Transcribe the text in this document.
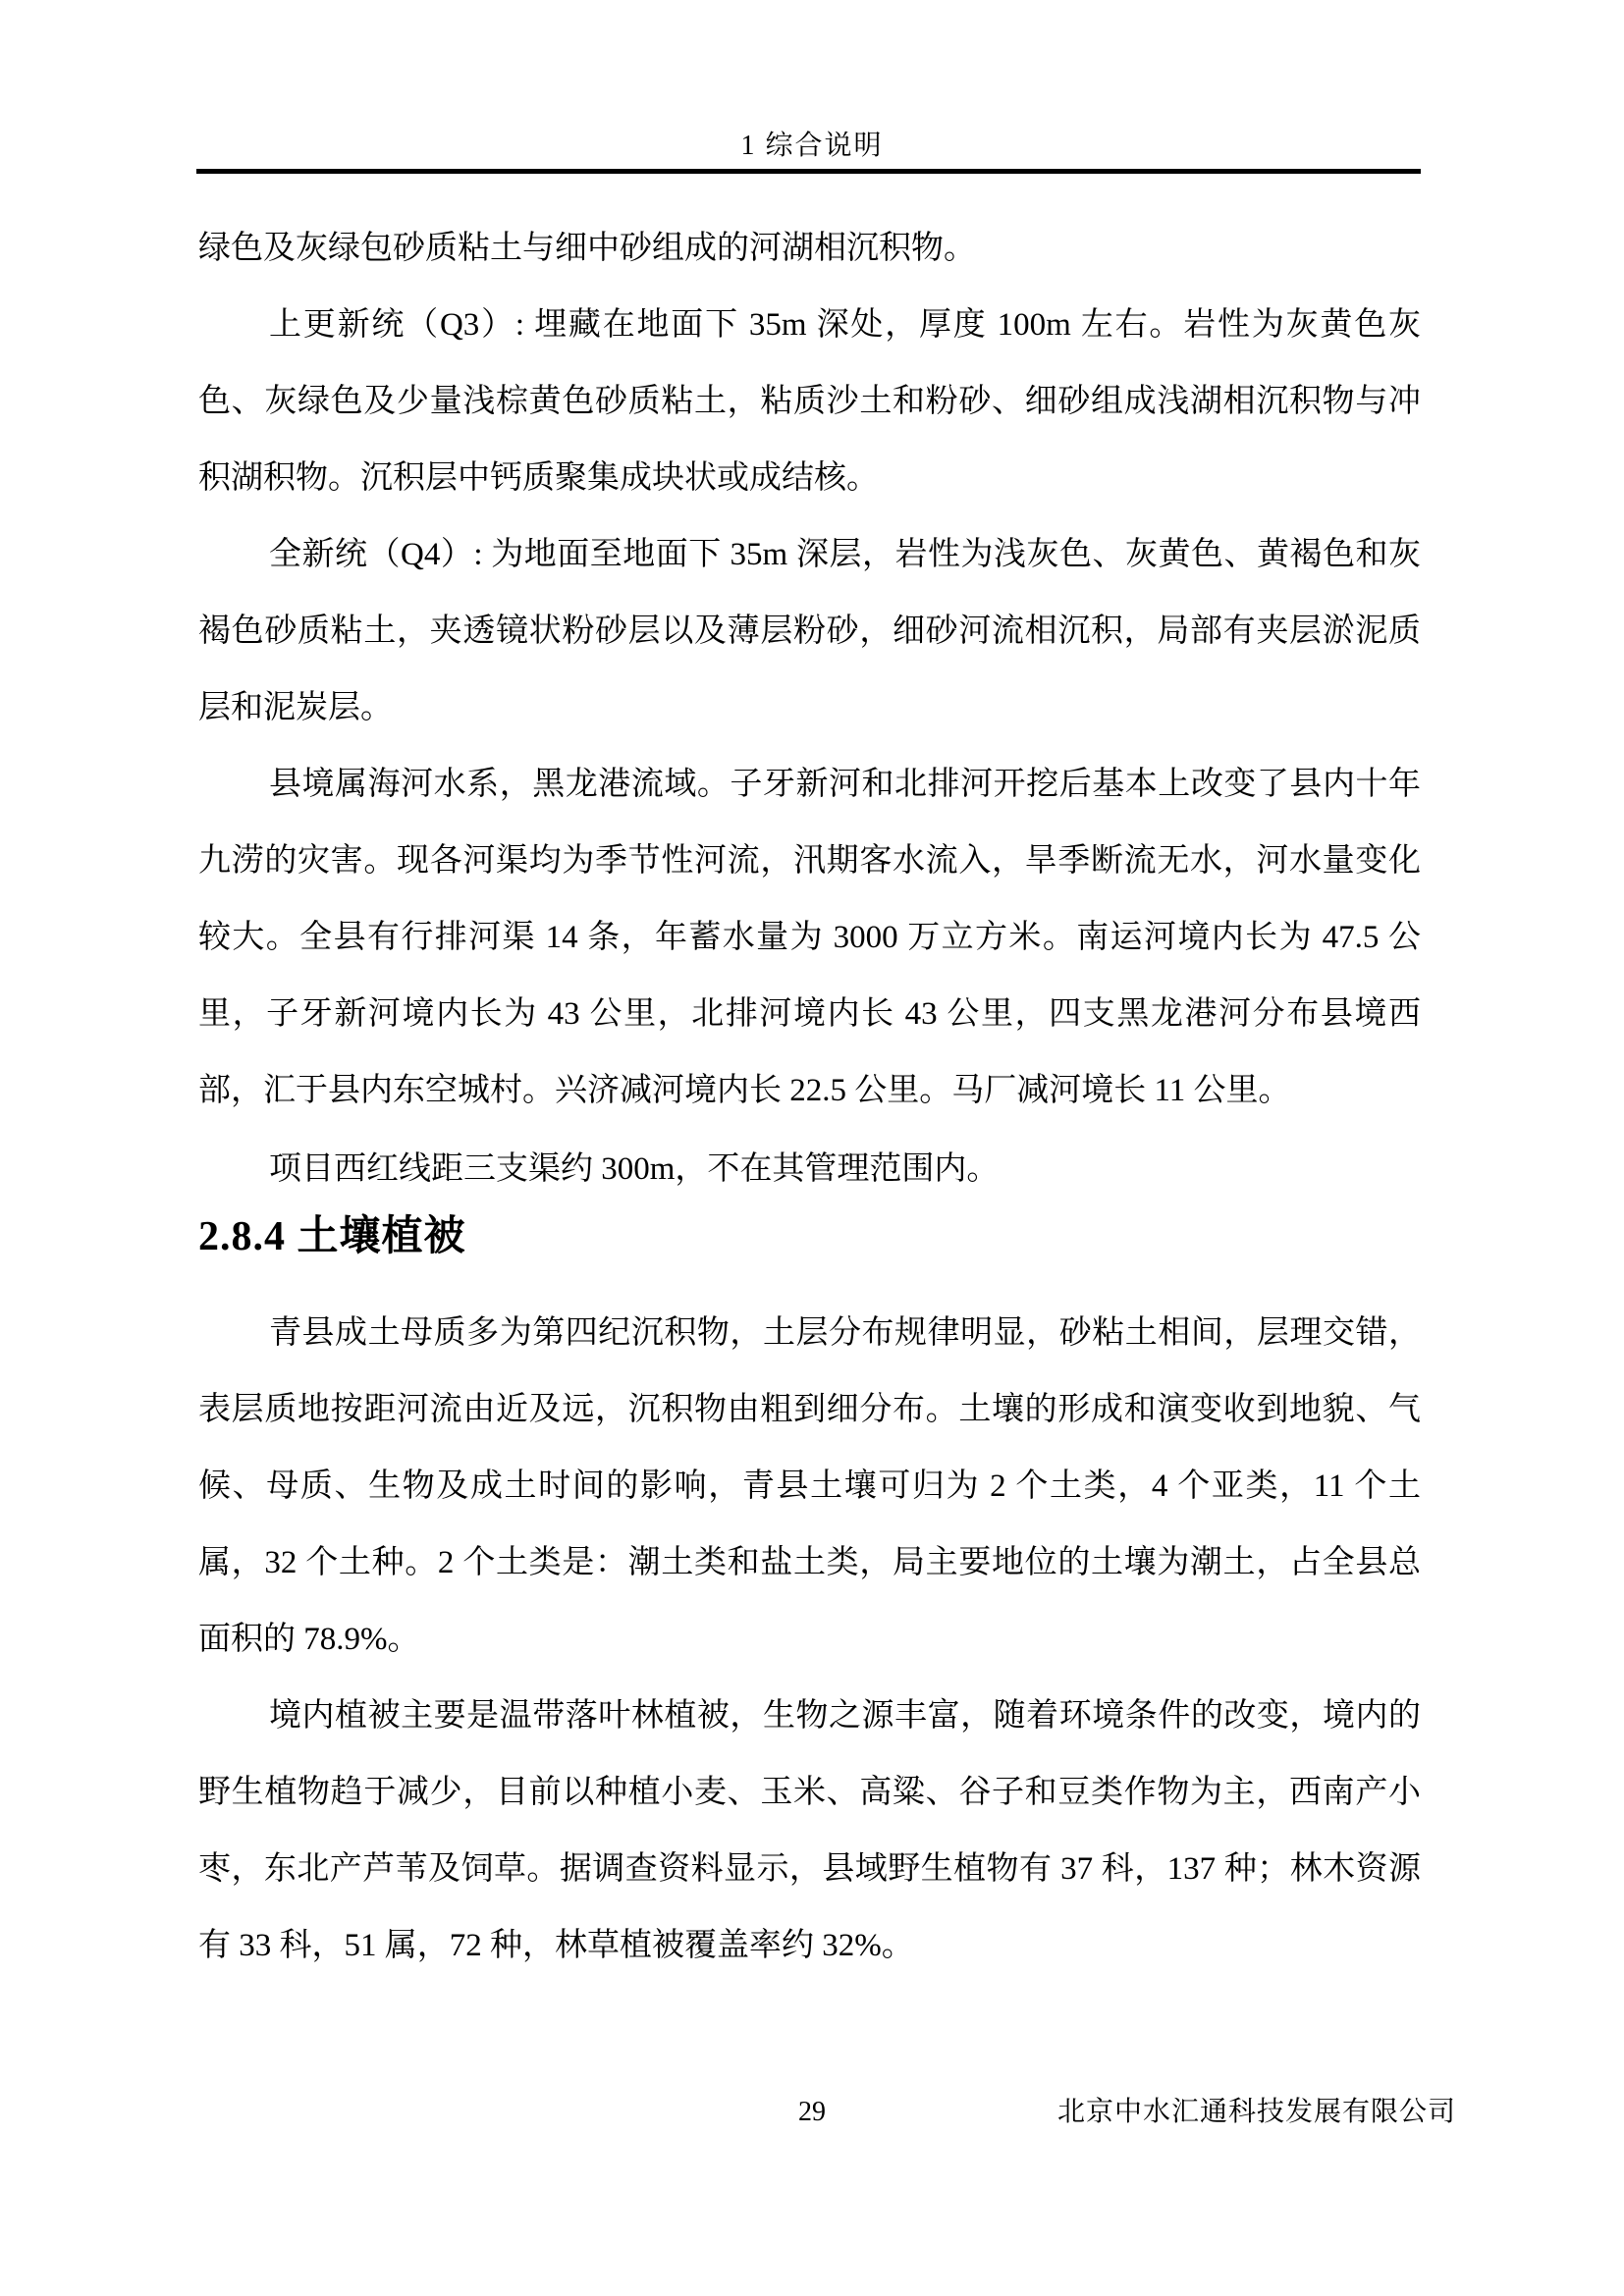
1 综合说明

绿色及灰绿包砂质粘土与细中砂组成的河湖相沉积物。

上更新统（Q3）: 埋藏在地面下 35m 深处，厚度 100m 左右。岩性为灰黄色灰色、灰绿色及少量浅棕黄色砂质粘土，粘质沙土和粉砂、细砂组成浅湖相沉积物与冲积湖积物。沉积层中钙质聚集成块状或成结核。

全新统（Q4）: 为地面至地面下 35m 深层，岩性为浅灰色、灰黄色、黄褐色和灰褐色砂质粘土，夹透镜状粉砂层以及薄层粉砂，细砂河流相沉积，局部有夹层淤泥质层和泥炭层。

县境属海河水系，黑龙港流域。子牙新河和北排河开挖后基本上改变了县内十年九涝的灾害。现各河渠均为季节性河流，汛期客水流入，旱季断流无水，河水量变化较大。全县有行排河渠 14 条，年蓄水量为 3000 万立方米。南运河境内长为 47.5 公里，子牙新河境内长为 43 公里，北排河境内长 43 公里，四支黑龙港河分布县境西部，汇于县内东空城村。兴济减河境内长 22.5 公里。马厂减河境长 11 公里。

项目西红线距三支渠约 300m，不在其管理范围内。

2.8.4 土壤植被

青县成土母质多为第四纪沉积物，土层分布规律明显，砂粘土相间，层理交错，表层质地按距河流由近及远，沉积物由粗到细分布。土壤的形成和演变收到地貌、气候、母质、生物及成土时间的影响，青县土壤可归为 2 个土类，4 个亚类，11 个土属，32 个土种。2 个土类是：潮土类和盐土类，局主要地位的土壤为潮土，占全县总面积的 78.9%。

境内植被主要是温带落叶林植被，生物之源丰富，随着环境条件的改变，境内的野生植物趋于减少，目前以种植小麦、玉米、高粱、谷子和豆类作物为主，西南产小枣，东北产芦苇及饲草。据调查资料显示，县域野生植物有 37 科，137 种；林木资源有 33 科，51 属，72 种，林草植被覆盖率约 32%。

29	北京中水汇通科技发展有限公司
